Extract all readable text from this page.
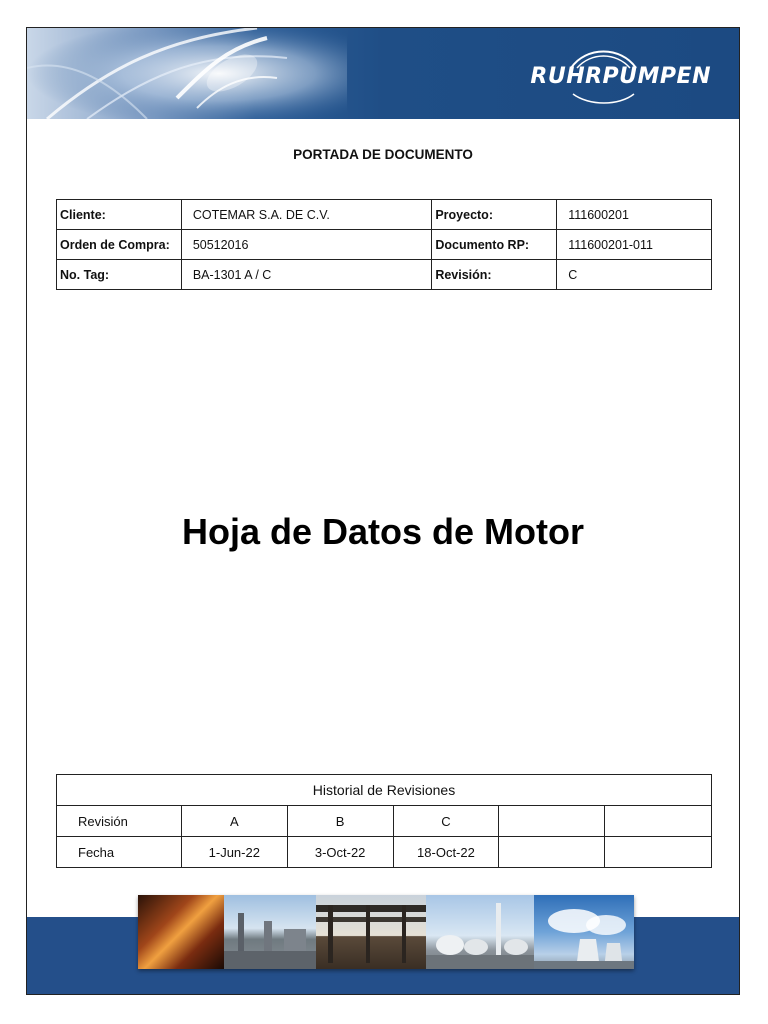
RUHRPUMPEN
PORTADA DE DOCUMENTO
Cliente:	COTEMAR S.A. DE C.V.	Proyecto:	111600201
Orden de Compra:	50512016	Documento RP:	111600201-011
No. Tag:	BA-1301 A / C	Revisión:	C
Hoja de Datos de Motor
Historial de Revisiones					
Revisión	A	B	C		
Fecha	1-Jun-22	3-Oct-22	18-Oct-22		
